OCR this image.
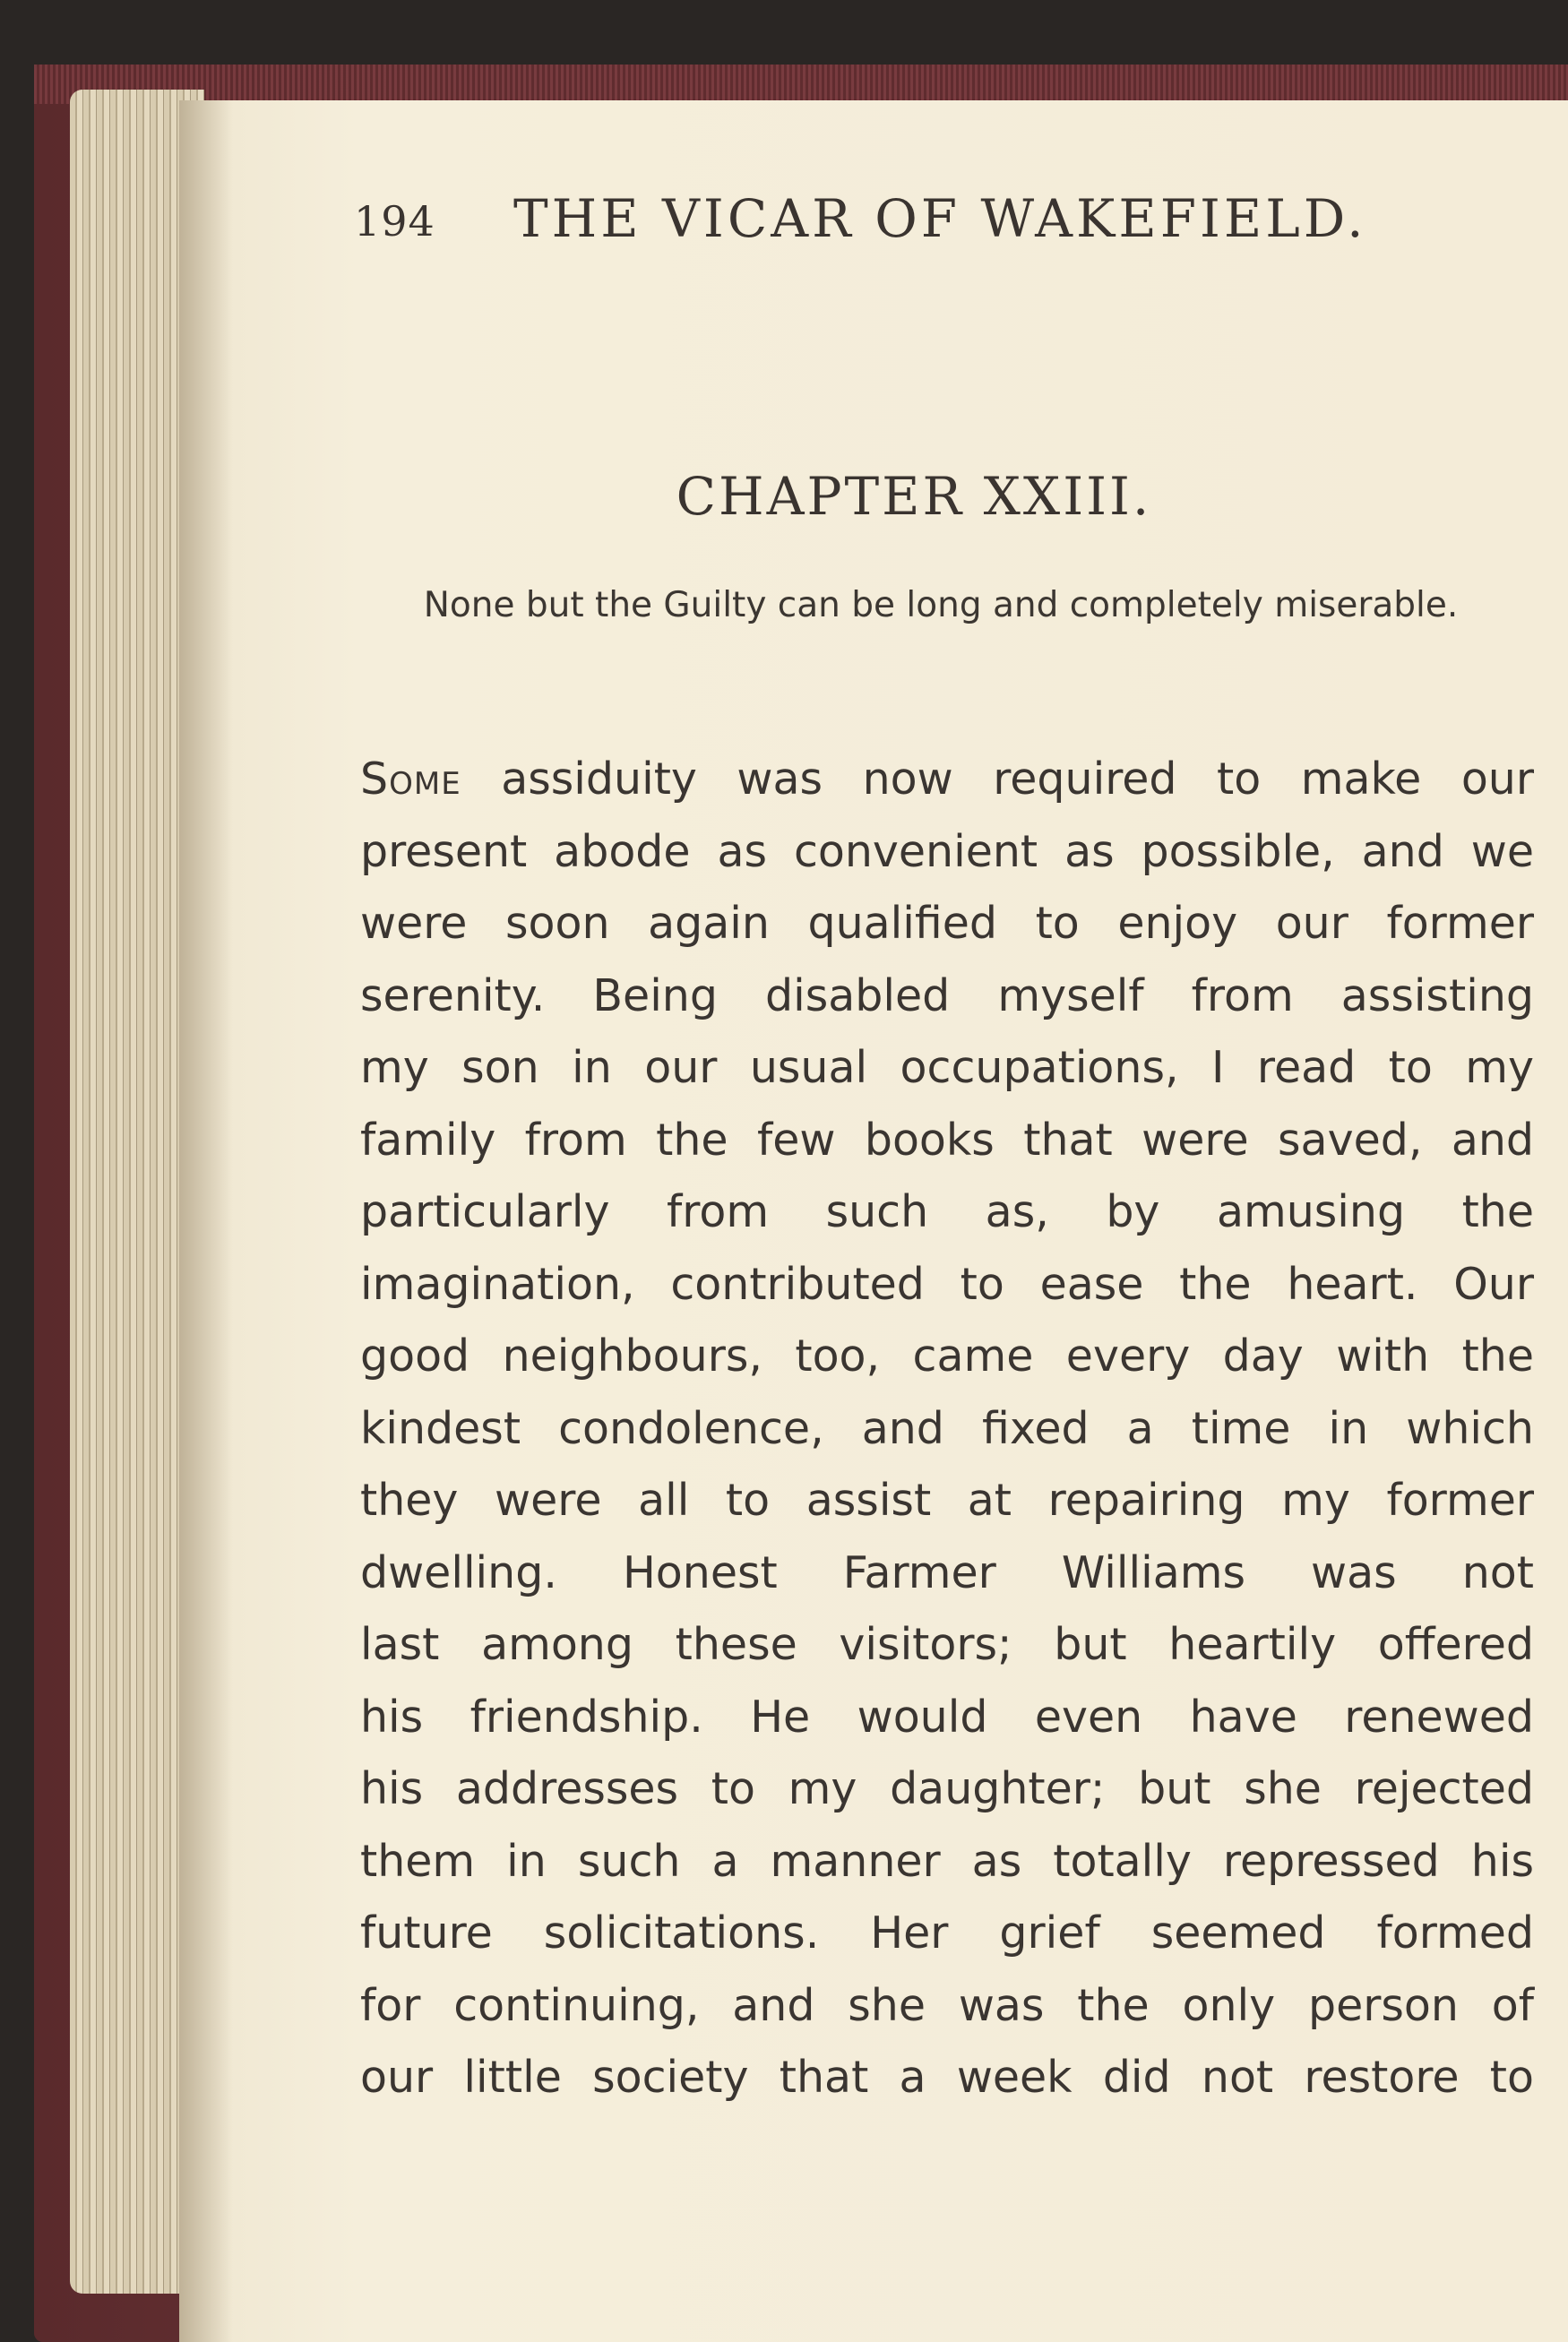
194 THE VICAR OF WAKEFIELD.
CHAPTER XXIII.
None but the Guilty can be long and completely miserable.
Some assiduity was now required to make our
present abode as convenient as possible, and we
were soon again qualified to enjoy our former
serenity. Being disabled myself from assisting
my son in our usual occupations, I read to my
family from the few books that were saved, and
particularly from such as, by amusing the
imagination, contributed to ease the heart. Our
good neighbours, too, came every day with the
kindest condolence, and fixed a time in which
they were all to assist at repairing my former
dwelling. Honest Farmer Williams was not
last among these visitors; but heartily offered
his friendship. He would even have renewed
his addresses to my daughter; but she rejected
them in such a manner as totally repressed his
future solicitations. Her grief seemed formed
for continuing, and she was the only person of
our little society that a week did not restore to
